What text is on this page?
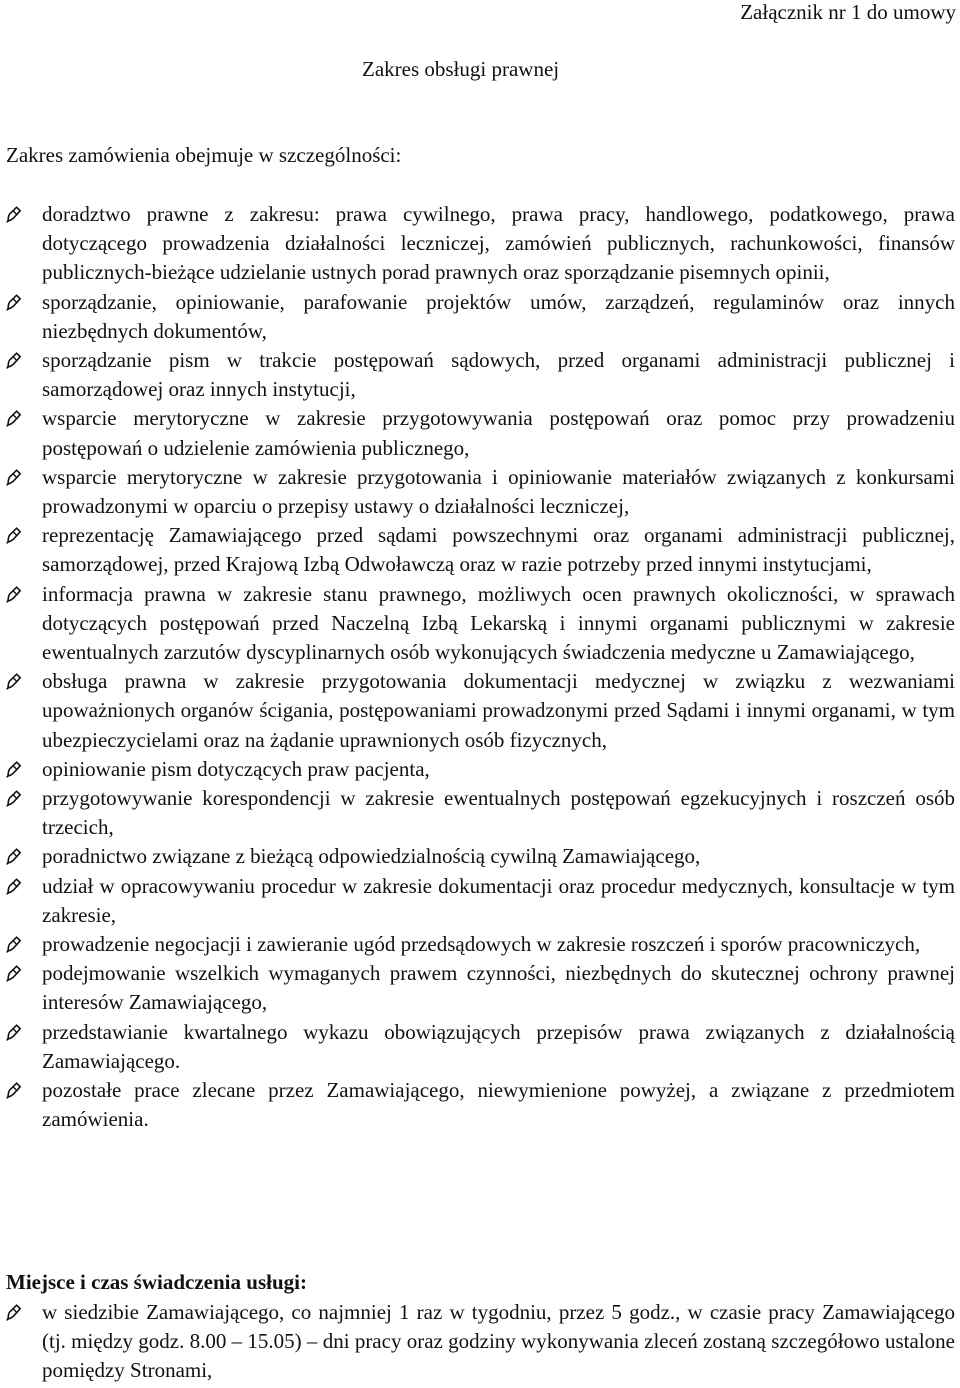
Załącznik nr 1 do umowy
Zakres obsługi prawnej
Zakres zamówienia obejmuje w szczególności:
doradztwo prawne z zakresu: prawa cywilnego, prawa pracy, handlowego, podatkowego, prawa dotyczącego prowadzenia działalności leczniczej, zamówień publicznych, rachunkowości, finansów publicznych-bieżące udzielanie ustnych porad prawnych oraz sporządzanie pisemnych opinii,
sporządzanie, opiniowanie, parafowanie projektów umów, zarządzeń, regulaminów oraz innych niezbędnych dokumentów,
sporządzanie pism w trakcie postępowań sądowych, przed organami administracji publicznej i samorządowej oraz innych instytucji,
wsparcie merytoryczne w zakresie przygotowywania postępowań oraz pomoc przy prowadzeniu postępowań o udzielenie zamówienia publicznego,
wsparcie merytoryczne w zakresie przygotowania i opiniowanie materiałów związanych z konkursami prowadzonymi w oparciu o przepisy ustawy o działalności leczniczej,
reprezentację Zamawiającego przed sądami powszechnymi oraz organami administracji publicznej, samorządowej, przed Krajową Izbą Odwoławczą oraz w razie potrzeby przed innymi instytucjami,
informacja prawna w zakresie stanu prawnego, możliwych ocen prawnych okoliczności, w sprawach dotyczących postępowań przed Naczelną Izbą Lekarską i innymi organami publicznymi w zakresie ewentualnych zarzutów dyscyplinarnych osób wykonujących świadczenia medyczne u Zamawiającego,
obsługa prawna w zakresie przygotowania dokumentacji medycznej w związku z wezwaniami upoważnionych organów ścigania, postępowaniami prowadzonymi przed Sądami i innymi organami, w tym ubezpieczycielami oraz na żądanie uprawnionych osób fizycznych,
opiniowanie pism dotyczących praw pacjenta,
przygotowywanie korespondencji w zakresie ewentualnych postępowań egzekucyjnych i roszczeń osób trzecich,
poradnictwo związane z bieżącą odpowiedzialnością cywilną Zamawiającego,
udział w opracowywaniu procedur w zakresie dokumentacji oraz procedur medycznych, konsultacje w tym zakresie,
prowadzenie negocjacji i zawieranie ugód przedsądowych w zakresie roszczeń i sporów pracowniczych,
podejmowanie wszelkich wymaganych prawem czynności, niezbędnych do skutecznej ochrony prawnej interesów Zamawiającego,
przedstawianie kwartalnego wykazu obowiązujących przepisów prawa związanych z działalnością Zamawiającego.
pozostałe prace zlecane przez Zamawiającego, niewymienione powyżej, a związane z przedmiotem zamówienia.
Miejsce i czas świadczenia usługi:
w siedzibie Zamawiającego, co najmniej 1 raz w tygodniu, przez 5 godz., w czasie pracy Zamawiającego (tj. między godz. 8.00 – 15.05) – dni pracy oraz godziny wykonywania zleceń zostaną szczegółowo ustalone pomiędzy Stronami,
